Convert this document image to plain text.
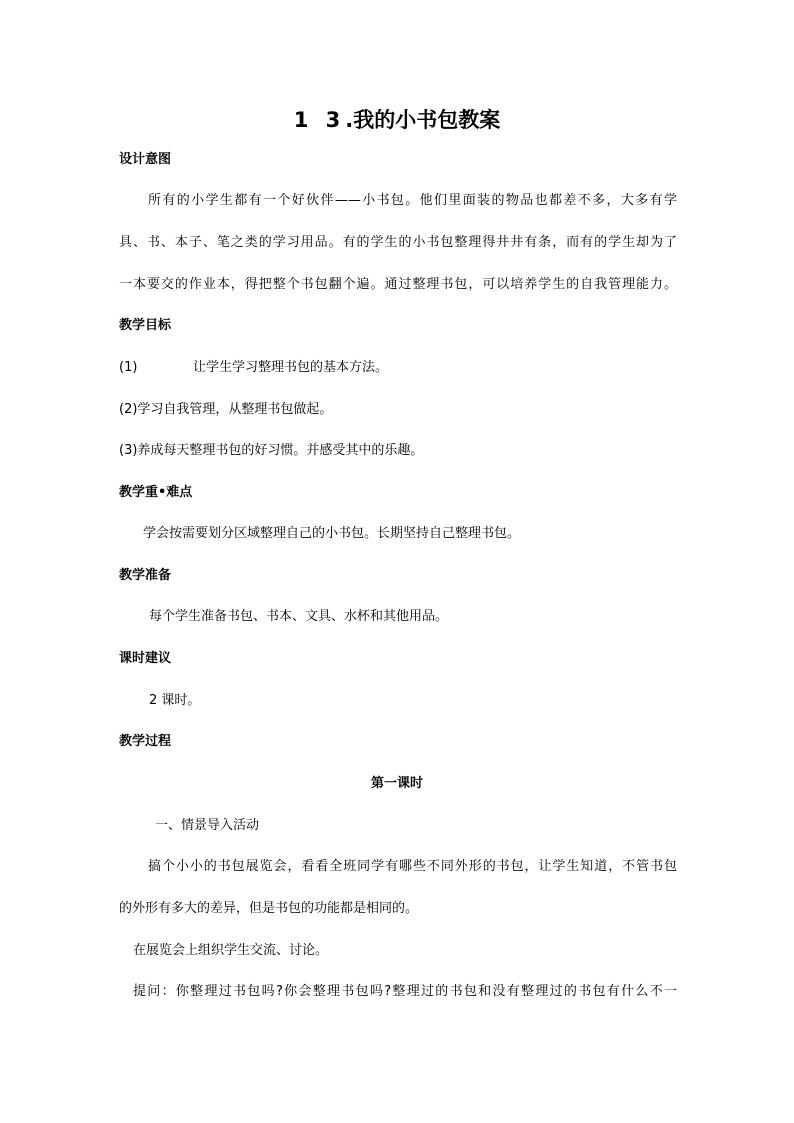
1 3.我的小书包教案
设计意图
所有的小学生都有一个好伙伴——小书包。他们里面装的物品也都差不多，大多有学
具、书、本子、笔之类的学习用品。有的学生的小书包整理得井井有条，而有的学生却为了
一本要交的作业本，得把整个书包翻个遍。通过整理书包，可以培养学生的自我管理能力。
教学目标
(1)	让学生学习整理书包的基本方法。
(2)学习自我管理，从整理书包做起。
(3)养成每天整理书包的好习惯。并感受其中的乐趣。
教学重•难点
学会按需要划分区域整理自己的小书包。长期坚持自己整理书包。
教学准备
每个学生准备书包、书本、文具、水杯和其他用品。
课时建议
2 课时。
教学过程
第一课时
一、情景导入活动
搞个小小的书包展览会，看看全班同学有哪些不同外形的书包，让学生知道，不管书包
的外形有多大的差异，但是书包的功能都是相同的。
在展览会上组织学生交流、讨论。
提问：你整理过书包吗?你会整理书包吗?整理过的书包和没有整理过的书包有什么不一
